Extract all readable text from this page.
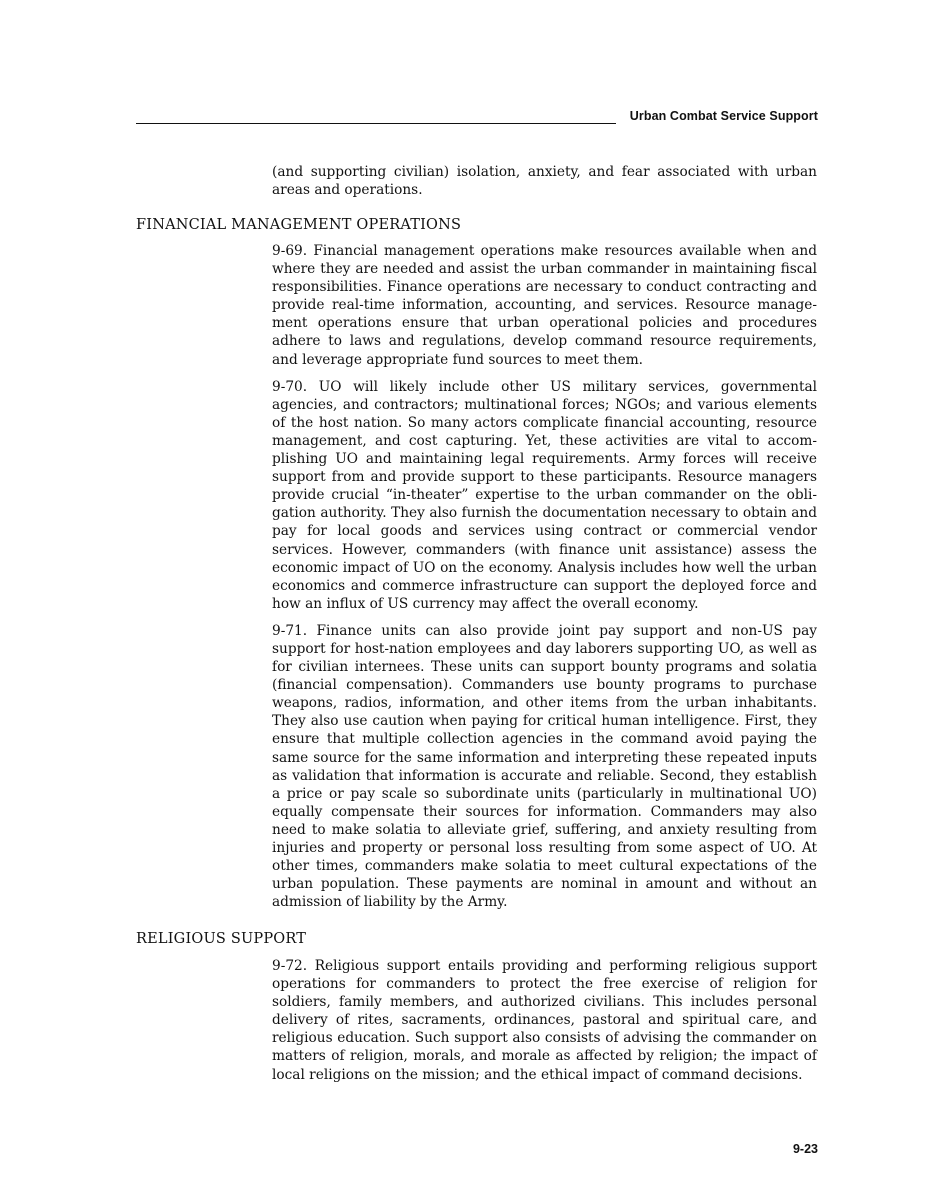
Urban Combat Service Support

(and supporting civilian) isolation, anxiety, and fear associated with urban areas and operations.

FINANCIAL MANAGEMENT OPERATIONS

9-69. Financial management operations make resources available when and where they are needed and assist the urban commander in maintaining fiscal responsibilities. Finance operations are necessary to conduct contracting and provide real-time information, accounting, and services. Resource management operations ensure that urban operational policies and procedures adhere to laws and regulations, develop command resource requirements, and leverage appropriate fund sources to meet them.

9-70. UO will likely include other US military services, governmental agencies, and contractors; multinational forces; NGOs; and various elements of the host nation. So many actors complicate financial accounting, resource management, and cost capturing. Yet, these activities are vital to accomplishing UO and maintaining legal requirements. Army forces will receive support from and provide support to these participants. Resource managers provide crucial “in-theater” expertise to the urban commander on the obligation authority. They also furnish the documentation necessary to obtain and pay for local goods and services using contract or commercial vendor services. However, commanders (with finance unit assistance) assess the economic impact of UO on the economy. Analysis includes how well the urban economics and commerce infrastructure can support the deployed force and how an influx of US currency may affect the overall economy.

9-71. Finance units can also provide joint pay support and non-US pay support for host-nation employees and day laborers supporting UO, as well as for civilian internees. These units can support bounty programs and solatia (financial compensation). Commanders use bounty programs to purchase weapons, radios, information, and other items from the urban inhabitants. They also use caution when paying for critical human intelligence. First, they ensure that multiple collection agencies in the command avoid paying the same source for the same information and interpreting these repeated inputs as validation that information is accurate and reliable. Second, they establish a price or pay scale so subordinate units (particularly in multinational UO) equally compensate their sources for information. Commanders may also need to make solatia to alleviate grief, suffering, and anxiety resulting from injuries and property or personal loss resulting from some aspect of UO. At other times, commanders make solatia to meet cultural expectations of the urban population. These payments are nominal in amount and without an admission of liability by the Army.

RELIGIOUS SUPPORT

9-72. Religious support entails providing and performing religious support operations for commanders to protect the free exercise of religion for soldiers, family members, and authorized civilians. This includes personal delivery of rites, sacraments, ordinances, pastoral and spiritual care, and religious education. Such support also consists of advising the commander on matters of religion, morals, and morale as affected by religion; the impact of local religions on the mission; and the ethical impact of command decisions.

9-23
